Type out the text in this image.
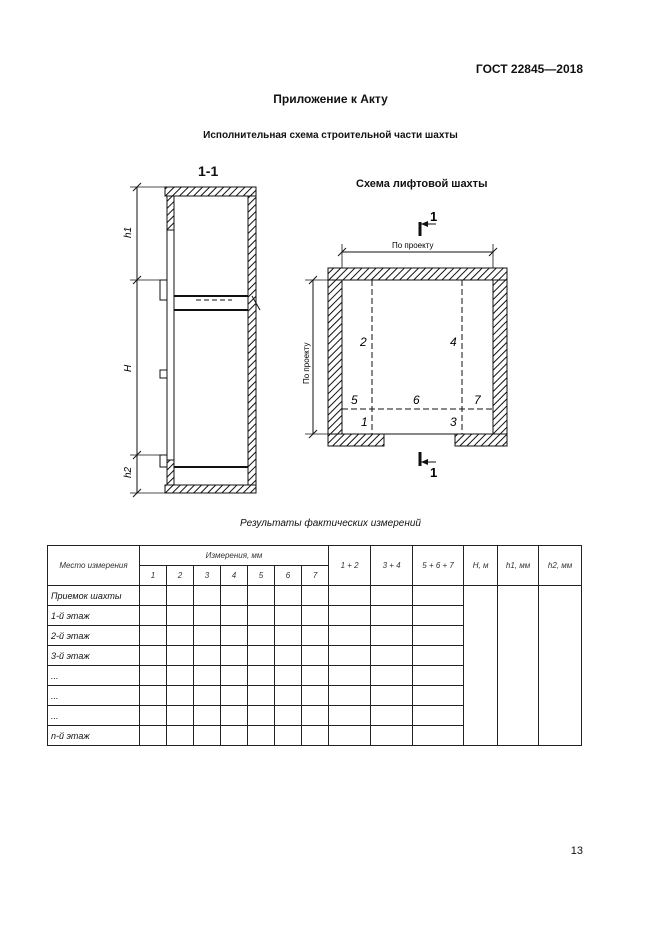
ГОСТ 22845—2018
Приложение к Акту
Исполнительная схема строительной части шахты
1-1
Схема лифтовой шахты
h1
H
h2
1
1
По проекту
По проекту
2	4
5	6	7
1	3
Результаты фактических измерений
Место измерения	Измерения, мм							1 + 2	3 + 4	5 + 6 + 7	H, м	h1, мм	h2, мм
	1	2	3	4	5	6	7						
Приемок шахты													
1-й этаж													
2-й этаж													
3-й этаж													
...													
...													
...													
n-й этаж													
13
